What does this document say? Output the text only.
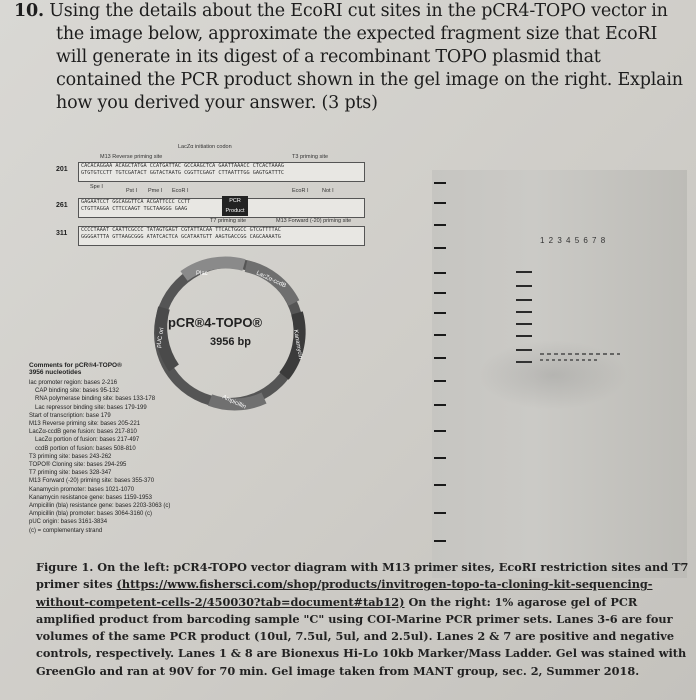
10. Using the details about the EcoRI cut sites in the pCR4-TOPO vector in the image below, approximate the expected fragment size that EcoRI will generate in its digest of a recombinant TOPO plasmid that contained the PCR product shown in the gel image on the right. Explain how you derived your answer. (3 pts)
LacZα initiation codon
M13 Reverse priming site	T3 priming site
201	CACACAGGAA ACAGCTATGA CCATGATTAC GCCAAGCTCA GAATTAAACC CTCACTAAAG
GTGTGTCCTT TGTCGATACT GGTACTAATG CGGTTCGAGT CTTAATTTGG GAGTGATTTC
Spe I
Pst I Pme I EcoR I	EcoR I Not I
261	GAGAATCCT GGCAGGTTCA ACGATTCCC CCTT
CTGTTAGGA CTTCCAAGT TGCTAAGGG GAAG
PCR Product
T7 priming site	M13 Forward (-20) priming site
311	CCCCTAAAT CAATTCGCCC TATAGTGAGT CGTATTACAA TTCACTGGCC GTCGTTTTAC
GGGGATTTA GTTAAGCGGG ATATCACTCA GCATAATGTT AAGTGACCGG CAGCAAAATG
Plac	LacZα-ccdB
Kanamycin
Ampicillin
pUC ori
pCR®4-TOPO®
3956 bp
Comments for pCR®4-TOPO®
3956 nucleotides
lac promoter region: bases 2-216
CAP binding site: bases 95-132
RNA polymerase binding site: bases 133-178
Lac repressor binding site: bases 179-199
Start of transcription: base 179
M13 Reverse priming site: bases 205-221
LacZα-ccdB gene fusion: bases 217-810
LacZα portion of fusion: bases 217-497
ccdB portion of fusion: bases 508-810
T3 priming site: bases 243-262
TOPO® Cloning site: bases 294-295
T7 priming site: bases 328-347
M13 Forward (-20) priming site: bases 355-370
Kanamycin promoter: bases 1021-1070
Kanamycin resistance gene: bases 1159-1953
Ampicillin (bla) resistance gene: bases 2203-3063 (c)
Ampicillin (bla) promoter: bases 3064-3160 (c)
pUC origin: bases 3161-3834
(c) = complementary strand
1 2 3 4 5 6 7 8
Figure 1. On the left: pCR4-TOPO vector diagram with M13 primer sites, EcoRI restriction sites and T7 primer sites (https://www.fishersci.com/shop/products/invitrogen-topo-ta-cloning-kit-sequencing-without-competent-cells-2/450030?tab=document#tab12) On the right: 1% agarose gel of PCR amplified product from barcoding sample "C" using COI-Marine PCR primer sets. Lanes 3-6 are four volumes of the same PCR product (10ul, 7.5ul, 5ul, and 2.5ul). Lanes 2 & 7 are positive and negative controls, respectively. Lanes 1 & 8 are Bionexus Hi-Lo 10kb Marker/Mass Ladder. Gel was stained with GreenGlo and ran at 90V for 70 min. Gel image taken from MANT group, sec. 2, Summer 2018.
